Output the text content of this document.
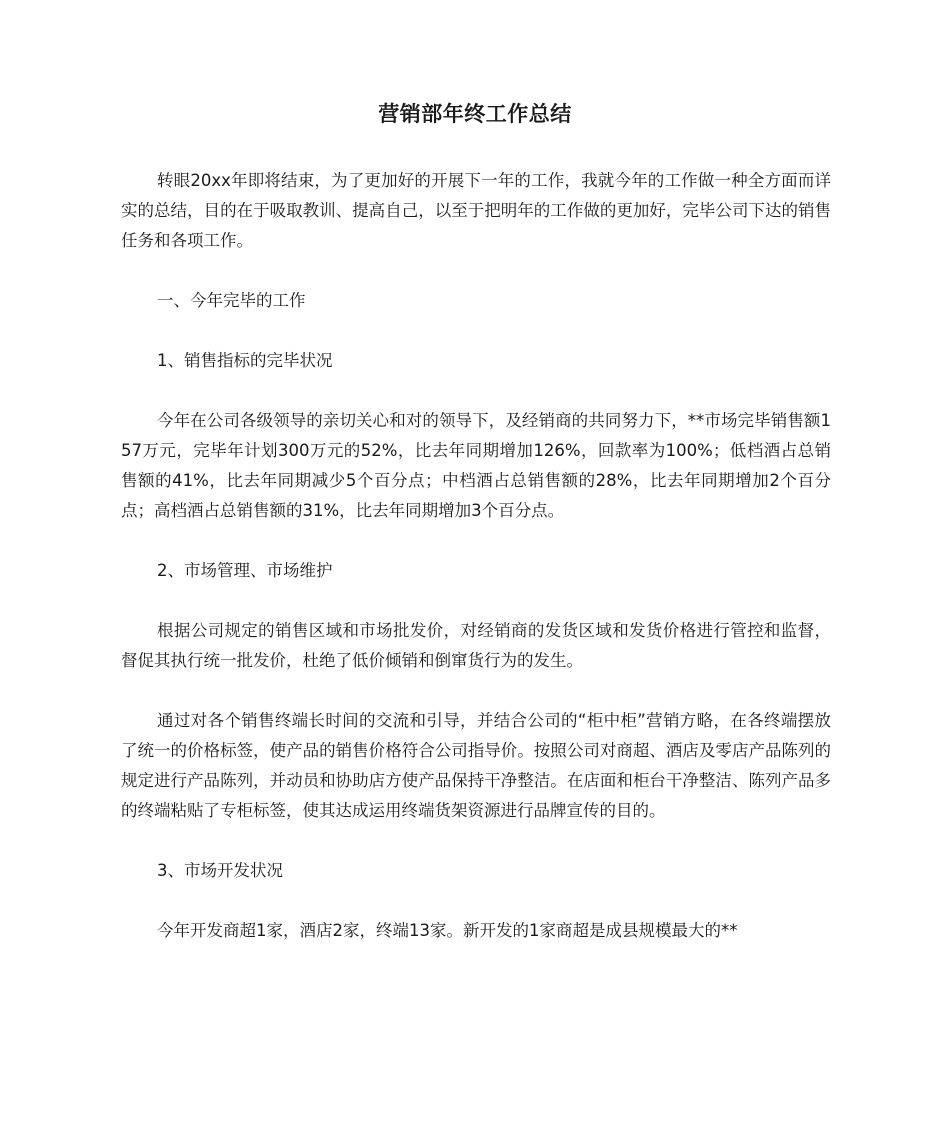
营销部年终工作总结

转眼20xx年即将结束，为了更加好的开展下一年的工作，我就今年的工作做一种全方面而详实的总结，目的在于吸取教训、提高自己，以至于把明年的工作做的更加好，完毕公司下达的销售任务和各项工作。

一、今年完毕的工作

1、销售指标的完毕状况

今年在公司各级领导的亲切关心和对的领导下，及经销商的共同努力下，**市场完毕销售额157万元，完毕年计划300万元的52%，比去年同期增加126%，回款率为100%；低档酒占总销售额的41%，比去年同期减少5个百分点；中档酒占总销售额的28%，比去年同期增加2个百分点；高档酒占总销售额的31%，比去年同期增加3个百分点。

2、市场管理、市场维护

根据公司规定的销售区域和市场批发价，对经销商的发货区域和发货价格进行管控和监督，督促其执行统一批发价，杜绝了低价倾销和倒窜货行为的发生。

通过对各个销售终端长时间的交流和引导，并结合公司的“柜中柜”营销方略，在各终端摆放了统一的价格标签，使产品的销售价格符合公司指导价。按照公司对商超、酒店及零店产品陈列的规定进行产品陈列，并动员和协助店方使产品保持干净整洁。在店面和柜台干净整洁、陈列产品多的终端粘贴了专柜标签，使其达成运用终端货架资源进行品牌宣传的目的。

3、市场开发状况

今年开发商超1家，酒店2家，终端13家。新开发的1家商超是成县规模最大的**
